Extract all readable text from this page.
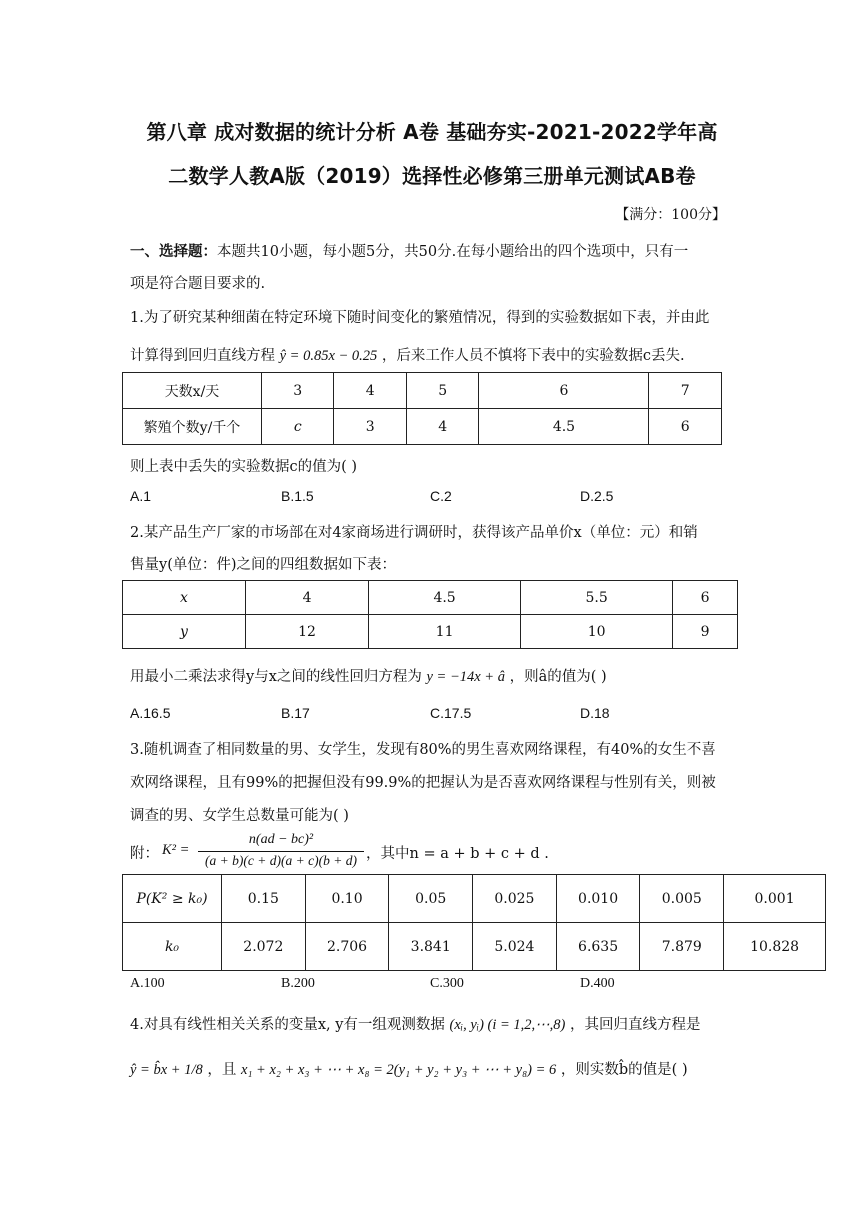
第八章 成对数据的统计分析 A卷 基础夯实-2021-2022学年高
二数学人教A版（2019）选择性必修第三册单元测试AB卷
【满分：100分】
一、选择题：本题共10小题，每小题5分，共50分.在每小题给出的四个选项中，只有一
项是符合题目要求的.
1.为了研究某种细菌在特定环境下随时间变化的繁殖情况，得到的实验数据如下表，并由此
计算得到回归直线方程 ŷ = 0.85x − 0.25 ，后来工作人员不慎将下表中的实验数据c丢失.
天数x/天	3	4	5	6	7
繁殖个数y/千个	c	3	4	4.5	6
则上表中丢失的实验数据c的值为( )
A.1	B.1.5	C.2	D.2.5
2.某产品生产厂家的市场部在对4家商场进行调研时，获得该产品单价x（单位：元）和销
售量y(单位：件)之间的四组数据如下表：
x	4	4.5	5.5	6
y	12	11	10	9
用最小二乘法求得y与x之间的线性回归方程为 y = −14x + â ，则â的值为( )
A.16.5	B.17	C.17.5	D.18
3.随机调查了相同数量的男、女学生，发现有80%的男生喜欢网络课程，有40%的女生不喜
欢网络课程，且有99%的把握但没有99.9%的把握认为是否喜欢网络课程与性别有关，则被
调查的男、女学生总数量可能为( )
附： K² =
n(ad − bc)²
(a + b)(c + d)(a + c)(b + d) ，其中n = a + b + c + d .
P(K² ≥ k₀)	0.15	0.10	0.05	0.025	0.010	0.005	0.001
k₀	2.072	2.706	3.841	5.024	6.635	7.879	10.828
A.100	B.200	C.300	D.400
4.对具有线性相关关系的变量x, y有一组观测数据 (xᵢ, yᵢ) (i = 1,2,⋯,8) ，其回归直线方程是
ŷ = b̂x + 1/8 ，且 x₁ + x₂ + x₃ + ⋯ + x₈ = 2(y₁ + y₂ + y₃ + ⋯ + y₈) = 6 ，则实数b̂的值是( )
